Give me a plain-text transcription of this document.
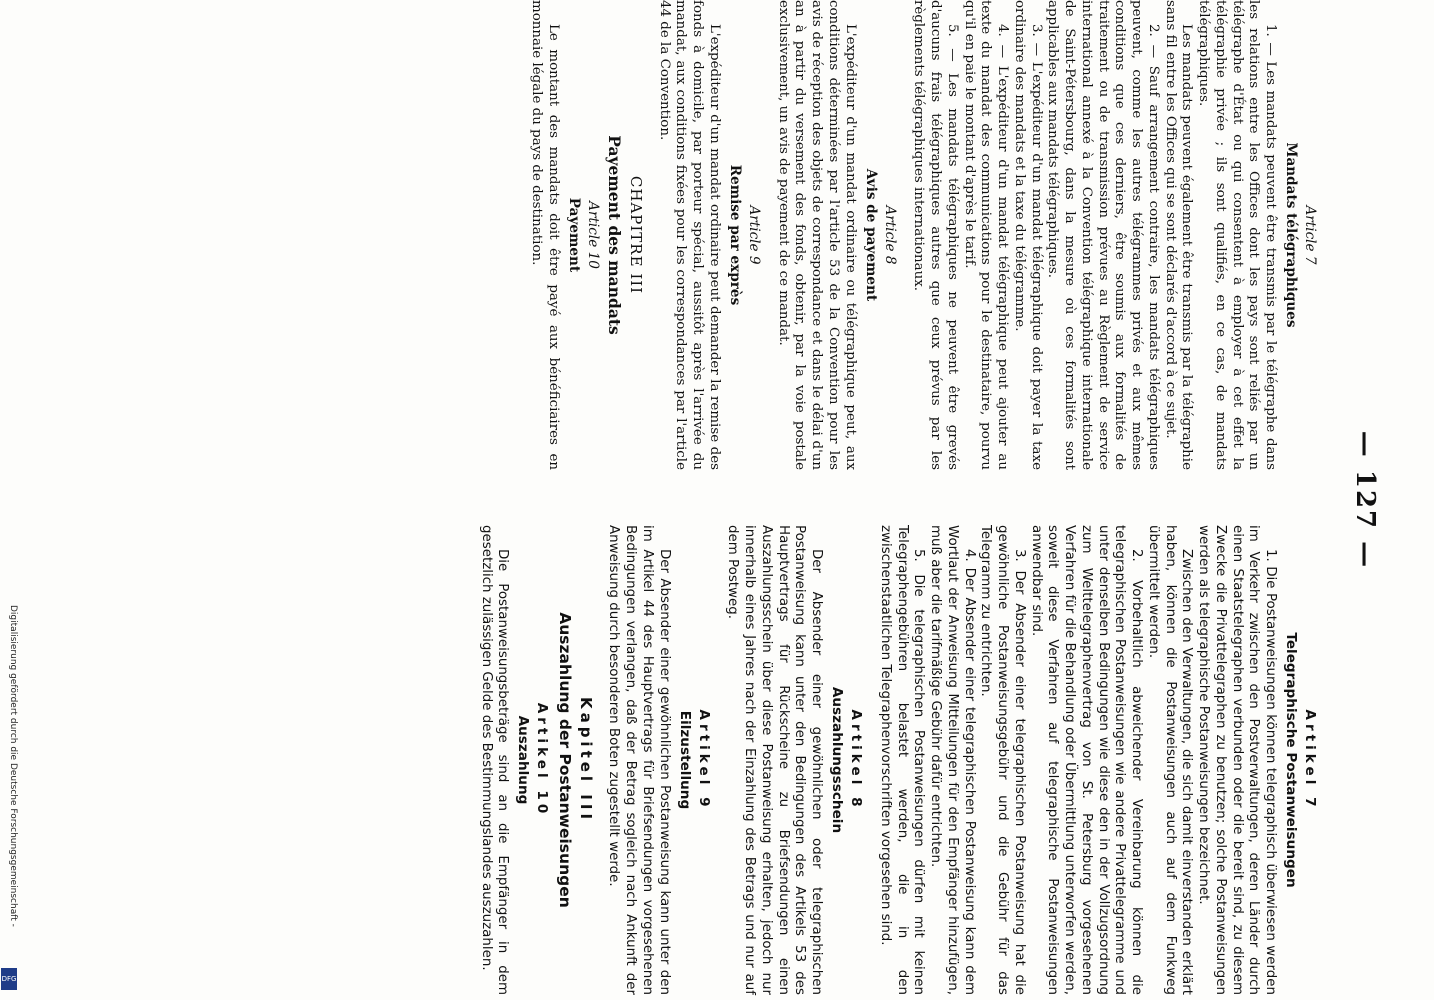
— 127 —
Article 7
Mandats télégraphiques

1. — Les mandats peuvent être transmis par le télégraphe dans les relations entre les Offices dont les pays sont reliés par un télégraphe d'État ou qui consentent à employer à cet effet la télégraphie privée ; ils sont qualifiés, en ce cas, de mandats télégraphiques.

Les mandats peuvent également être transmis par la télégraphie sans fil entre les Offices qui se sont déclarés d'accord à ce sujet.

2. — Sauf arrangement contraire, les mandats télégraphiques peuvent, comme les autres télégrammes privés et aux mêmes conditions que ces derniers, être soumis aux formalités de traitement ou de transmission prévues au Règlement de service international annexé à la Convention télégraphique internationale de Saint-Pétersbourg, dans la mesure où ces formalités sont applicables aux mandats télégraphiques.

3. — L'expéditeur d'un mandat télégraphique doit payer la taxe ordinaire des mandats et la taxe du télégramme.

4. — L'expéditeur d'un mandat télégraphique peut ajouter au texte du mandat des communications pour le destinataire, pourvu qu'il en paie le montant d'après le tarif.

5. — Les mandats télégraphiques ne peuvent être grevés d'aucuns frais télégraphiques autres que ceux prévus par les règlements télégraphiques internationaux.

Article 8
Avis de payement

L'expéditeur d'un mandat ordinaire ou télégraphique peut, aux conditions déterminées par l'article 53 de la Convention pour les avis de réception des objets de correspondance et dans le délai d'un an à partir du versement des fonds, obtenir, par la voie postale exclusivement, un avis de payement de ce mandat.

Article 9
Remise par exprès

L'expéditeur d'un mandat ordinaire peut demander la remise des fonds à domicile, par porteur spécial, aussitôt après l'arrivée du mandat, aux conditions fixées pour les correspondances par l'article 44 de la Convention.

CHAPITRE III
Payement des mandats
Article 10
Payement

Le montant des mandats doit être payé aux bénéficiaires en monnaie légale du pays de destination.

Artikel 7
Telegraphische Postanweisungen

1. Die Postanweisungen können telegraphisch überwiesen werden im Verkehr zwischen den Postverwaltungen, deren Länder durch einen Staatstelegraphen verbunden oder die bereit sind, zu diesem Zwecke die Privattelegraphen zu benutzen; solche Postanweisungen werden als telegraphische Postanweisungen bezeichnet.

Zwischen den Verwaltungen, die sich damit einverstanden erklärt haben, können die Postanweisungen auch auf dem Funkweg übermittelt werden.

2. Vorbehaltlich abweichender Vereinbarung können die telegraphischen Postanweisungen wie andere Privattelegramme und unter denselben Bedingungen wie diese den in der Vollzugsordnung zum Welttelegraphenvertrag von St. Petersburg vorgesehenen Verfahren für die Behandlung oder Übermittlung unterworfen werden, soweit diese Verfahren auf telegraphische Postanweisungen anwendbar sind.

3. Der Absender einer telegraphischen Postanweisung hat die gewöhnliche Postanweisungsgebühr und die Gebühr für das Telegramm zu entrichten.

4. Der Absender einer telegraphischen Postanweisung kann dem Wortlaut der Anweisung Mitteilungen für den Empfänger hinzufügen, muß aber die tarifmäßige Gebühr dafür entrichten.

5. Die telegraphischen Postanweisungen dürfen mit keinen Telegraphengebühren belastet werden, die in den zwischenstaatlichen Telegraphenvorschriften vorgesehen sind.

Artikel 8
Auszahlungsschein

Der Absender einer gewöhnlichen oder telegraphischen Postanweisung kann unter den Bedingungen des Artikels 53 des Hauptvertrags für Rückscheine zu Briefsendungen einen Auszahlungsschein über diese Postanweisung erhalten, jedoch nur innerhalb eines Jahres nach der Einzahlung des Betrags und nur auf dem Postweg.

Artikel 9
Eilzustellung

Der Absender einer gewöhnlichen Postanweisung kann unter den im Artikel 44 des Hauptvertrags für Briefsendungen vorgesehenen Bedingungen verlangen, daß der Betrag sogleich nach Ankunft der Anweisung durch besonderen Boten zugestellt werde.

Kapitel III
Auszahlung der Postanweisungen
Artikel 10
Auszahlung

Die Postanweisungsbeträge sind an die Empfänger in dem gesetzlich zulässigen Gelde des Bestimmungslandes auszuzahlen.

Digitalisierung gefördert durch die Deutsche Forschungsgemeinschaft -
DFG
